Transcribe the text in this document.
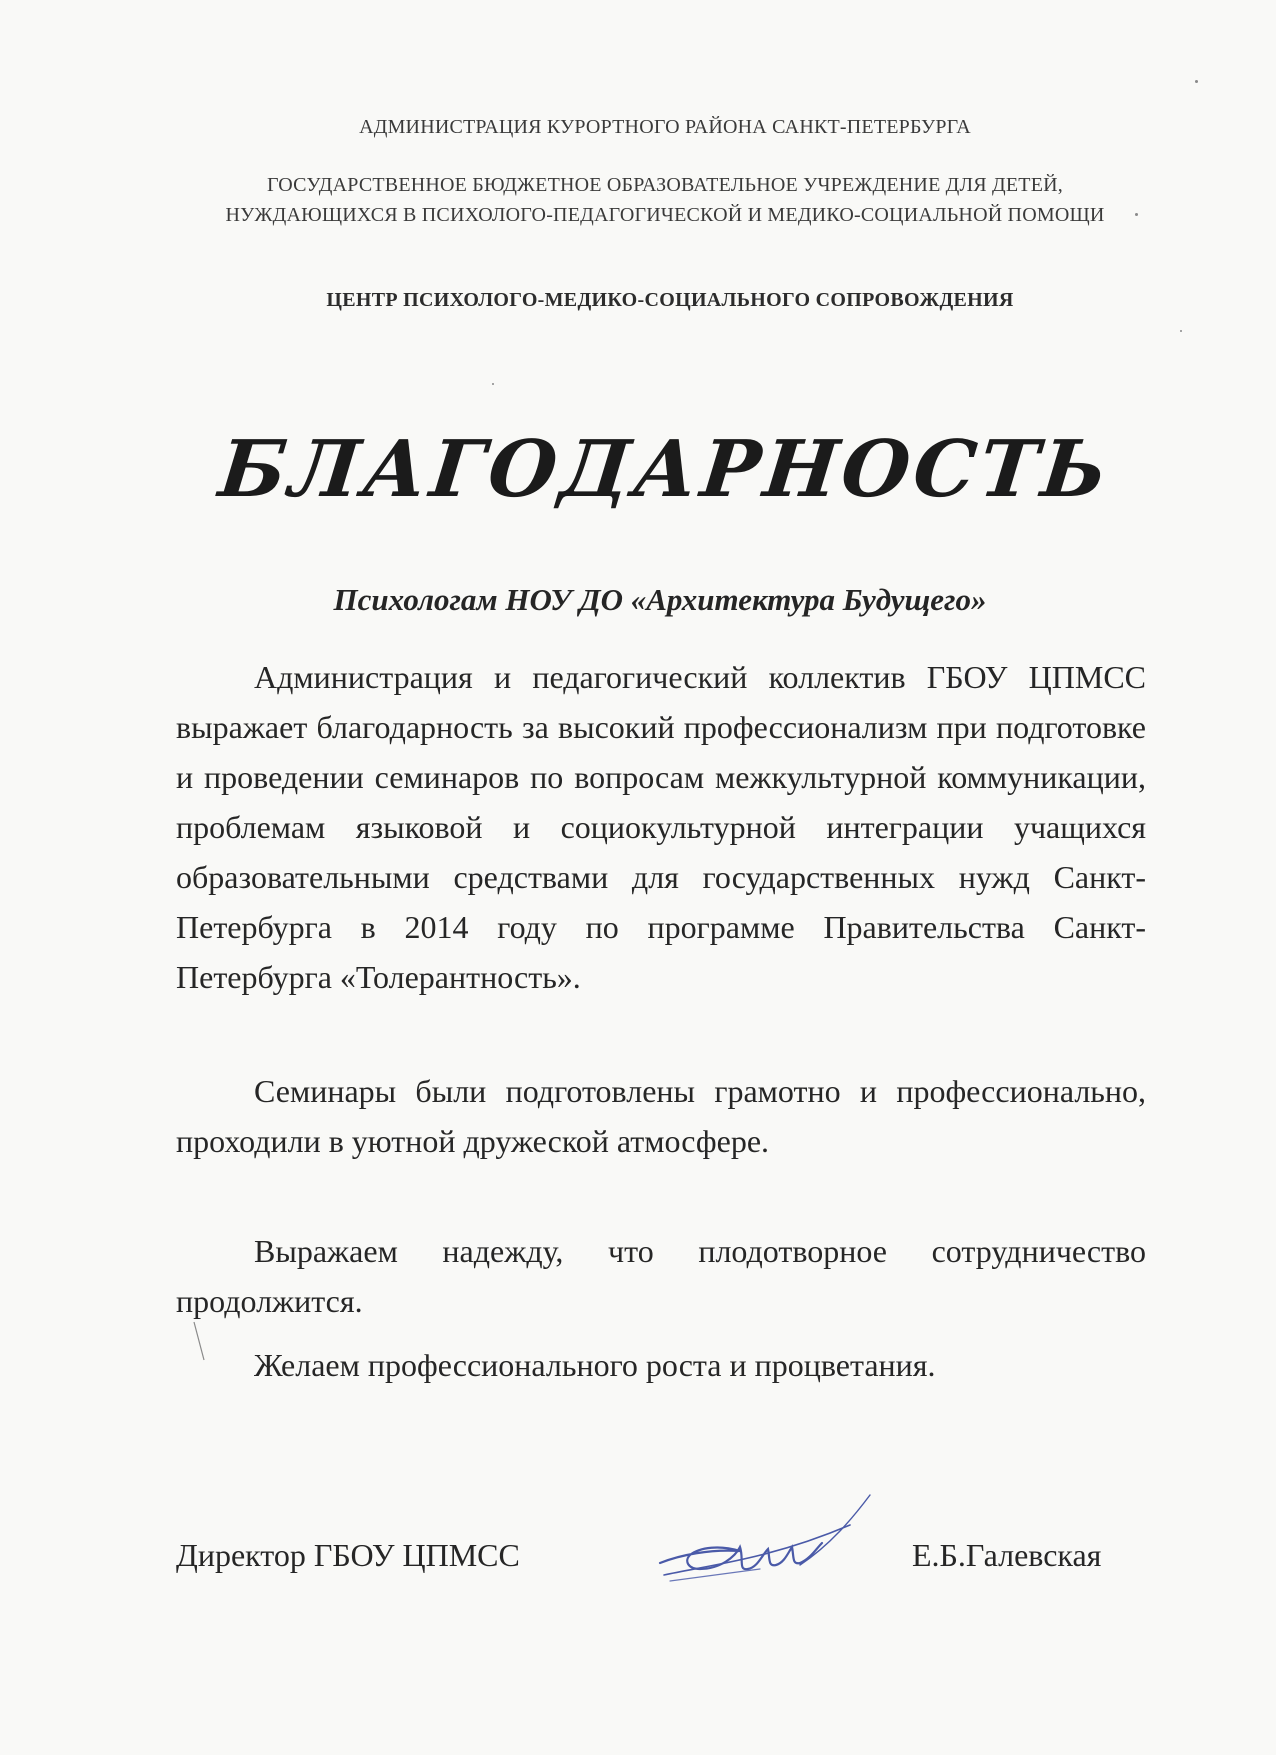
АДМИНИСТРАЦИЯ КУРОРТНОГО РАЙОНА САНКТ-ПЕТЕРБУРГА
ГОСУДАРСТВЕННОЕ БЮДЖЕТНОЕ ОБРАЗОВАТЕЛЬНОЕ УЧРЕЖДЕНИЕ ДЛЯ ДЕТЕЙ, НУЖДАЮЩИХСЯ В ПСИХОЛОГО-ПЕДАГОГИЧЕСКОЙ И МЕДИКО-СОЦИАЛЬНОЙ ПОМОЩИ
ЦЕНТР ПСИХОЛОГО-МЕДИКО-СОЦИАЛЬНОГО СОПРОВОЖДЕНИЯ
БЛАГОДАРНОСТЬ
Психологам НОУ ДО «Архитектура Будущего»

Администрация и педагогический коллектив ГБОУ ЦПМСС выражает благодарность за высокий профессионализм при подготовке и проведении семинаров по вопросам межкультурной коммуникации, проблемам языковой и социокультурной интеграции учащихся образовательными средствами для государственных нужд Санкт-Петербурга в 2014 году по программе Правительства Санкт-Петербурга «Толерантность».

Семинары были подготовлены грамотно и профессионально, проходили в уютной дружеской атмосфере.

Выражаем надежду, что плодотворное сотрудничество продолжится.

Желаем профессионального роста и процветания.

Директор ГБОУ ЦПМСС	Е.Б.Галевская
